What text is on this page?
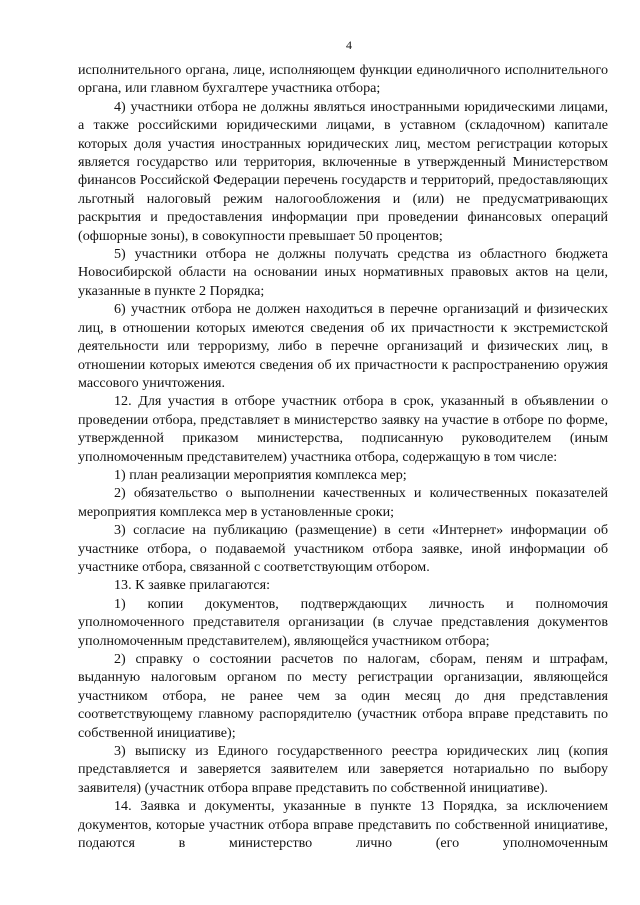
4

исполнительного органа, лице, исполняющем функции единоличного исполнительного органа, или главном бухгалтере участника отбора;

4) участники отбора не должны являться иностранными юридическими лицами, а также российскими юридическими лицами, в уставном (складочном) капитале которых доля участия иностранных юридических лиц, местом регистрации которых является государство или территория, включенные в утвержденный Министерством финансов Российской Федерации перечень государств и территорий, предоставляющих льготный налоговый режим налогообложения и (или) не предусматривающих раскрытия и предоставления информации при проведении финансовых операций (офшорные зоны), в совокупности превышает 50 процентов;

5) участники отбора не должны получать средства из областного бюджета Новосибирской области на основании иных нормативных правовых актов на цели, указанные в пункте 2 Порядка;

6) участник отбора не должен находиться в перечне организаций и физических лиц, в отношении которых имеются сведения об их причастности к экстремистской деятельности или терроризму, либо в перечне организаций и физических лиц, в отношении которых имеются сведения об их причастности к распространению оружия массового уничтожения.

12. Для участия в отборе участник отбора в срок, указанный в объявлении о проведении отбора, представляет в министерство заявку на участие в отборе по форме, утвержденной приказом министерства, подписанную руководителем (иным уполномоченным представителем) участника отбора, содержащую в том числе:

1) план реализации мероприятия комплекса мер;

2) обязательство о выполнении качественных и количественных показателей мероприятия комплекса мер в установленные сроки;

3) согласие на публикацию (размещение) в сети «Интернет» информации об участнике отбора, о подаваемой участником отбора заявке, иной информации об участнике отбора, связанной с соответствующим отбором.

13. К заявке прилагаются:

1) копии документов, подтверждающих личность и полномочия уполномоченного представителя организации (в случае представления документов уполномоченным представителем), являющейся участником отбора;

2) справку о состоянии расчетов по налогам, сборам, пеням и штрафам, выданную налоговым органом по месту регистрации организации, являющейся участником отбора, не ранее чем за один месяц до дня представления соответствующему главному распорядителю (участник отбора вправе представить по собственной инициативе);

3) выписку из Единого государственного реестра юридических лиц (копия представляется и заверяется заявителем или заверяется нотариально по выбору заявителя) (участник отбора вправе представить по собственной инициативе).

14. Заявка и документы, указанные в пункте 13 Порядка, за исключением документов, которые участник отбора вправе представить по собственной инициативе, подаются в министерство лично (его уполномоченным
